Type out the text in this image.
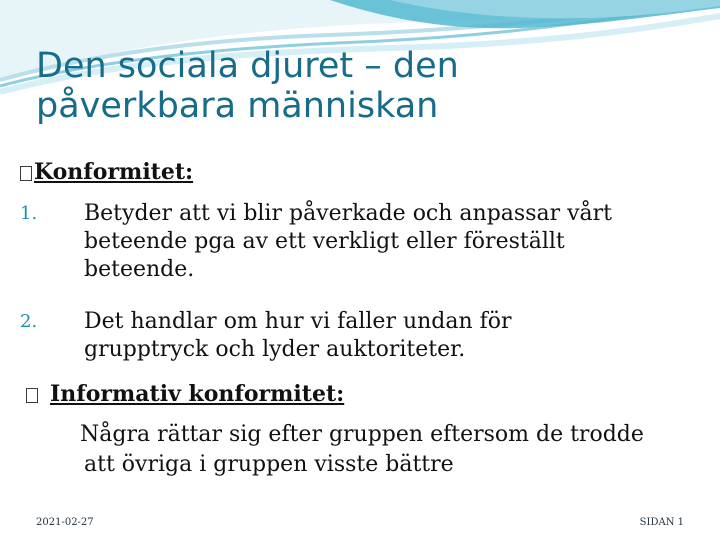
Den sociala djuret – den
påverkbara människan
Konformitet:
1. Betyder att vi blir påverkade och anpassar vårt
beteende pga av ett verkligt eller föreställt
beteende.
2. Det handlar om hur vi faller undan för
grupptryck och lyder auktoriteter.
Informativ konformitet:
Några rättar sig efter gruppen eftersom de trodde
att övriga i gruppen visste bättre
2021-02-27	SIDAN 1
